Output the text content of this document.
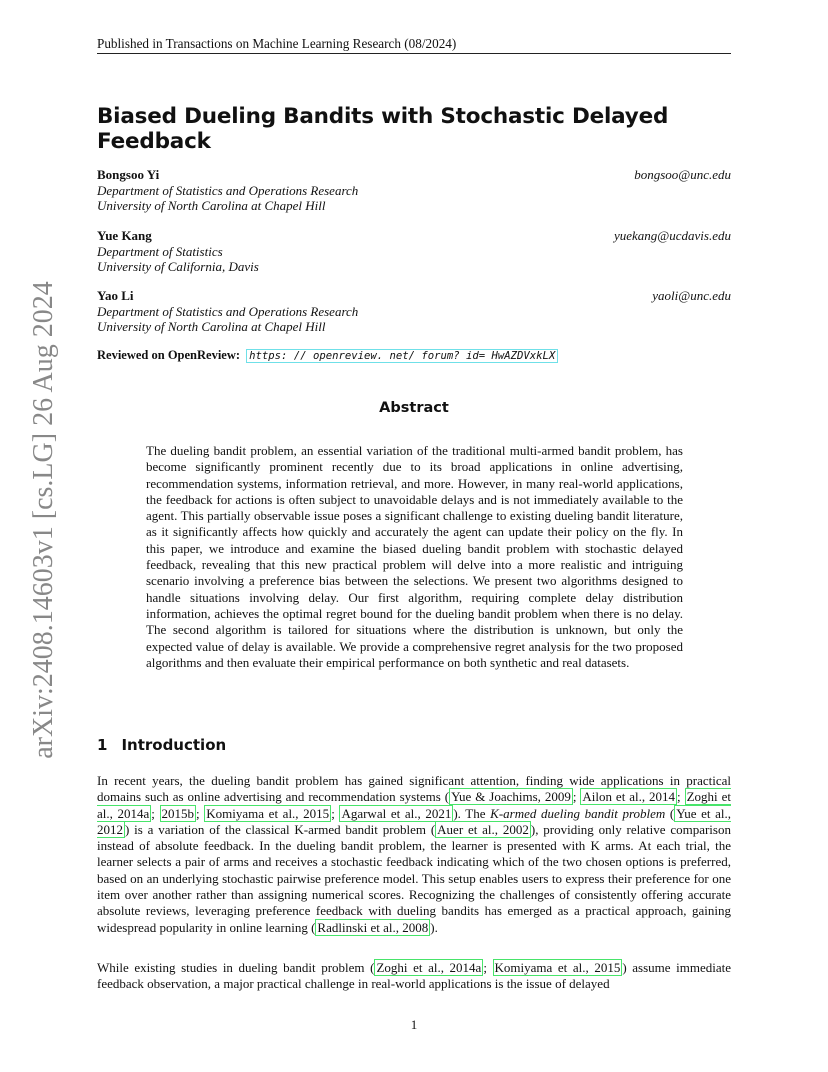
Published in Transactions on Machine Learning Research (08/2024)
Biased Dueling Bandits with Stochastic Delayed Feedback
Bongsoo Yi	bongsoo@unc.edu
Department of Statistics and Operations Research
University of North Carolina at Chapel Hill
Yue Kang	yuekang@ucdavis.edu
Department of Statistics
University of California, Davis
Yao Li	yaoli@unc.edu
Department of Statistics and Operations Research
University of North Carolina at Chapel Hill
Reviewed on OpenReview: https: // openreview. net/ forum? id= HwAZDVxkLX
Abstract
The dueling bandit problem, an essential variation of the traditional multi-armed bandit problem, has become significantly prominent recently due to its broad applications in online advertising, recommendation systems, information retrieval, and more. However, in many real-world applications, the feedback for actions is often subject to unavoidable delays and is not immediately available to the agent. This partially observable issue poses a significant challenge to existing dueling bandit literature, as it significantly affects how quickly and accurately the agent can update their policy on the fly. In this paper, we introduce and examine the biased dueling bandit problem with stochastic delayed feedback, revealing that this new practical problem will delve into a more realistic and intriguing scenario involving a preference bias between the selections. We present two algorithms designed to handle situations involving delay. Our first algorithm, requiring complete delay distribution information, achieves the optimal regret bound for the dueling bandit problem when there is no delay. The second algorithm is tailored for situations where the distribution is unknown, but only the expected value of delay is available. We provide a comprehensive regret analysis for the two proposed algorithms and then evaluate their empirical performance on both synthetic and real datasets.
1 Introduction
In recent years, the dueling bandit problem has gained significant attention, finding wide applications in practical domains such as online advertising and recommendation systems ( Yue & Joachims, 2009 ; Ailon et al., 2014 ; Zoghi et al., 2014a ; 2015b ; Komiyama et al., 2015 ; Agarwal et al., 2021 ). The K-armed dueling bandit problem ( Yue et al., 2012 ) is a variation of the classical K-armed bandit problem ( Auer et al., 2002 ), providing only relative comparison instead of absolute feedback. In the dueling bandit problem, the learner is presented with K arms. At each trial, the learner selects a pair of arms and receives a stochastic feedback indicating which of the two chosen options is preferred, based on an underlying stochastic pairwise preference model. This setup enables users to express their preference for one item over another rather than assigning numerical scores. Recognizing the challenges of consistently offering accurate absolute reviews, leveraging preference feedback with dueling bandits has emerged as a practical approach, gaining widespread popularity in online learning ( Radlinski et al., 2008 ).
While existing studies in dueling bandit problem ( Zoghi et al., 2014a ; Komiyama et al., 2015 ) assume immediate feedback observation, a major practical challenge in real-world applications is the issue of delayed
1
arXiv:2408.14603v1 [cs.LG] 26 Aug 2024
